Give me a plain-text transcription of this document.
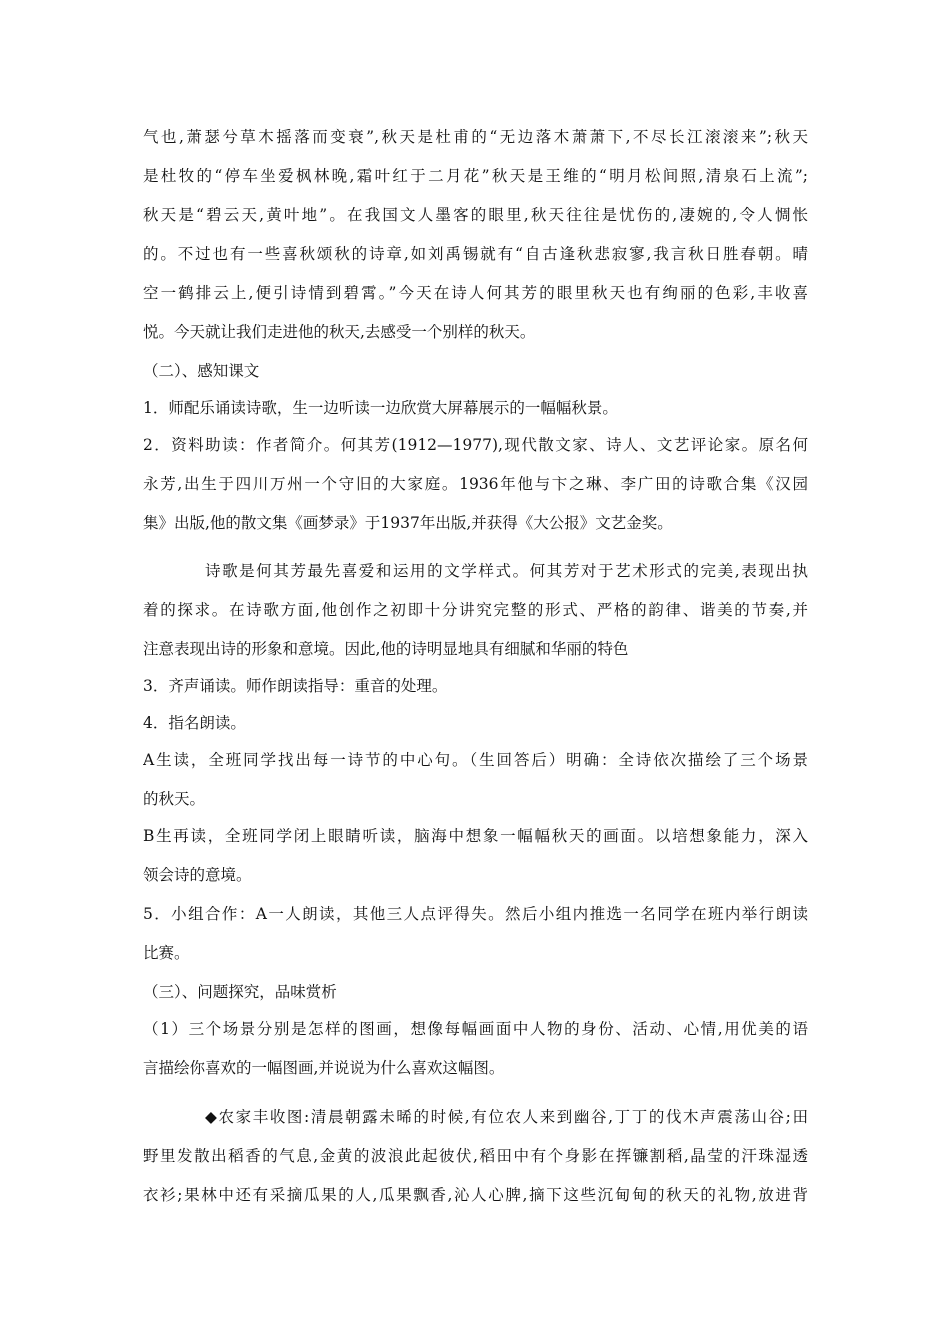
气也,萧瑟兮草木摇落而变衰”,秋天是杜甫的“无边落木萧萧下,不尽长江滚滚来”;秋天
是杜牧的“停车坐爱枫林晚,霜叶红于二月花”秋天是王维的“明月松间照,清泉石上流”;
秋天是“碧云天,黄叶地”。在我国文人墨客的眼里,秋天往往是忧伤的,凄婉的,令人惆怅
的。不过也有一些喜秋颂秋的诗章,如刘禹锡就有“自古逢秋悲寂寥,我言秋日胜春朝。晴
空一鹤排云上,便引诗情到碧霄。”今天在诗人何其芳的眼里秋天也有绚丽的色彩,丰收喜
悦。今天就让我们走进他的秋天,去感受一个别样的秋天。
（二）、感知课文
1．师配乐诵读诗歌，生一边听读一边欣赏大屏幕展示的一幅幅秋景。
2．资料助读：作者简介。何其芳(1912—1977),现代散文家、诗人、文艺评论家。原名何
永芳,出生于四川万州一个守旧的大家庭。1936年他与卞之琳、李广田的诗歌合集《汉园
集》出版,他的散文集《画梦录》于1937年出版,并获得《大公报》文艺金奖。
诗歌是何其芳最先喜爱和运用的文学样式。何其芳对于艺术形式的完美,表现出执
着的探求。在诗歌方面,他创作之初即十分讲究完整的形式、严格的韵律、谐美的节奏,并
注意表现出诗的形象和意境。因此,他的诗明显地具有细腻和华丽的特色
3．齐声诵读。师作朗读指导：重音的处理。
4．指名朗读。
A生读，全班同学找出每一诗节的中心句。（生回答后）明确：全诗依次描绘了三个场景
的秋天。
B生再读，全班同学闭上眼睛听读，脑海中想象一幅幅秋天的画面。以培想象能力，深入
领会诗的意境。
5．小组合作：A一人朗读，其他三人点评得失。然后小组内推选一名同学在班内举行朗读
比赛。
（三）、问题探究，品味赏析
（1）三个场景分别是怎样的图画，想像每幅画面中人物的身份、活动、心情,用优美的语
言描绘你喜欢的一幅图画,并说说为什么喜欢这幅图。
◆农家丰收图:清晨朝露未晞的时候,有位农人来到幽谷,丁丁的伐木声震荡山谷;田
野里发散出稻香的气息,金黄的波浪此起彼伏,稻田中有个身影在挥镰割稻,晶莹的汗珠湿透
衣衫;果林中还有采摘瓜果的人,瓜果飘香,沁人心脾,摘下这些沉甸甸的秋天的礼物,放进背
